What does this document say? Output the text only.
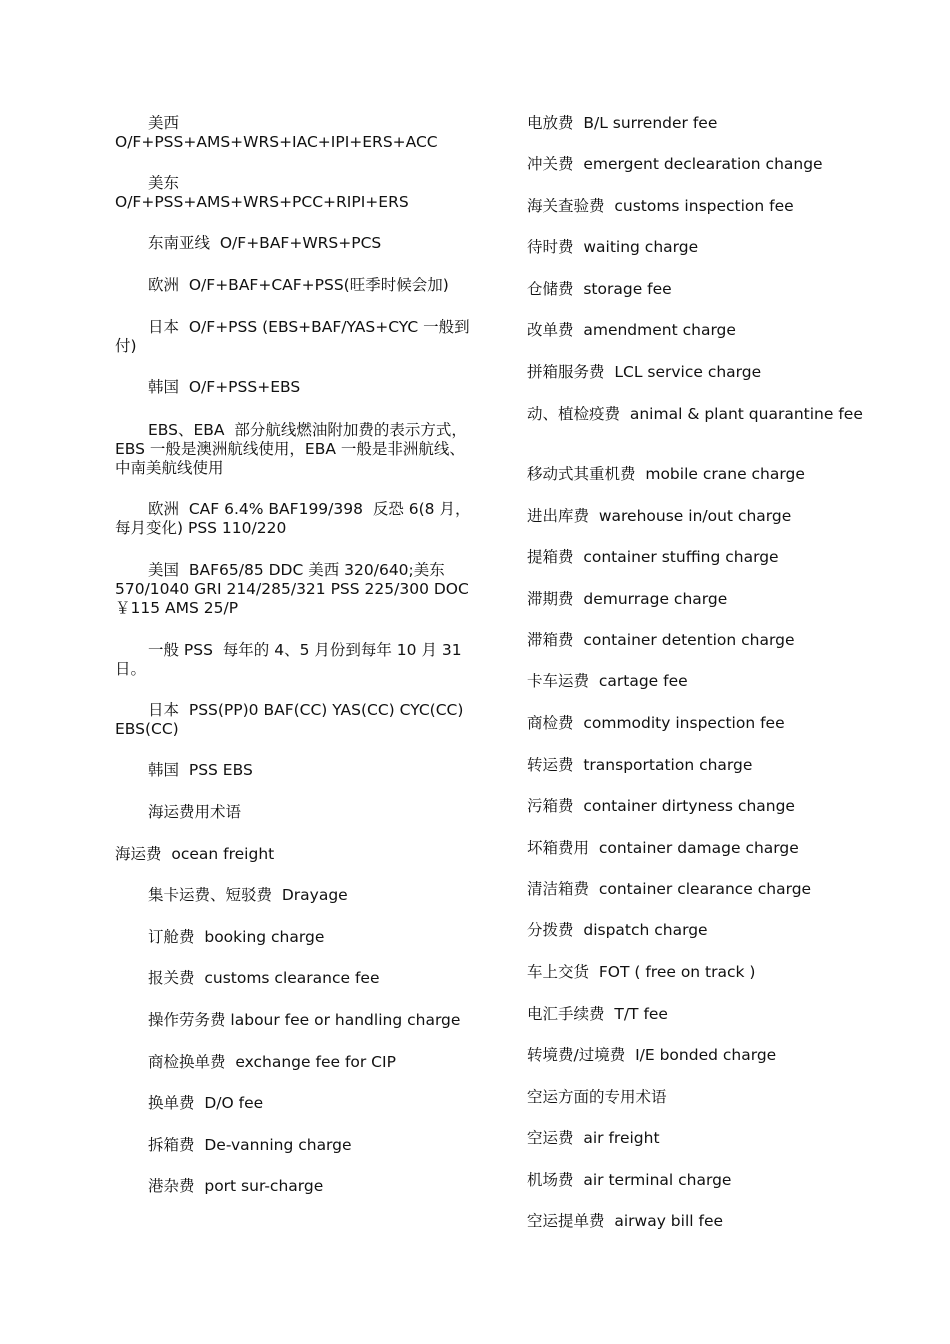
美西
O/F+PSS+AMS+WRS+IAC+IPI+ERS+ACC

美东
O/F+PSS+AMS+WRS+PCC+RIPI+ERS

东南亚线  O/F+BAF+WRS+PCS

欧洲  O/F+BAF+CAF+PSS(旺季时候会加)

日本  O/F+PSS (EBS+BAF/YAS+CYC 一般到付)

韩国  O/F+PSS+EBS

EBS、EBA  部分航线燃油附加费的表示方式，EBS 一般是澳洲航线使用，EBA 一般是非洲航线、中南美航线使用

欧洲  CAF 6.4% BAF199/398  反恐 6(8 月，每月变化) PSS 110/220

美国  BAF65/85 DDC 美西 320/640;美东 570/1040 GRI 214/285/321 PSS 225/300 DOC  ￥115 AMS 25/P

一般 PSS  每年的 4、5 月份到每年 10 月 31 日。

日本  PSS(PP)0 BAF(CC) YAS(CC) CYC(CC) EBS(CC)

韩国  PSS EBS

海运费用术语

海运费  ocean freight

集卡运费、短驳费  Drayage

订舱费  booking charge

报关费  customs clearance fee

操作劳务费 labour fee or handling charge

商检换单费  exchange fee for CIP

换单费  D/O fee

拆箱费  De-vanning charge

港杂费  port sur-charge

电放费  B/L surrender fee

冲关费  emergent declearation change

海关查验费  customs inspection fee

待时费  waiting charge

仓储费  storage fee

改单费  amendment charge

拼箱服务费  LCL service charge

动、植检疫费  animal & plant quarantine fee

移动式其重机费  mobile crane charge

进出库费  warehouse in/out charge

提箱费  container stuffing charge

滞期费  demurrage charge

滞箱费  container detention charge

卡车运费  cartage fee

商检费  commodity inspection fee

转运费  transportation charge

污箱费  container dirtyness change

坏箱费用  container damage charge

清洁箱费  container clearance charge

分拨费  dispatch charge

车上交货  FOT ( free on track )

电汇手续费  T/T fee

转境费/过境费  I/E bonded charge

空运方面的专用术语

空运费  air freight

机场费  air terminal charge

空运提单费  airway bill fee
